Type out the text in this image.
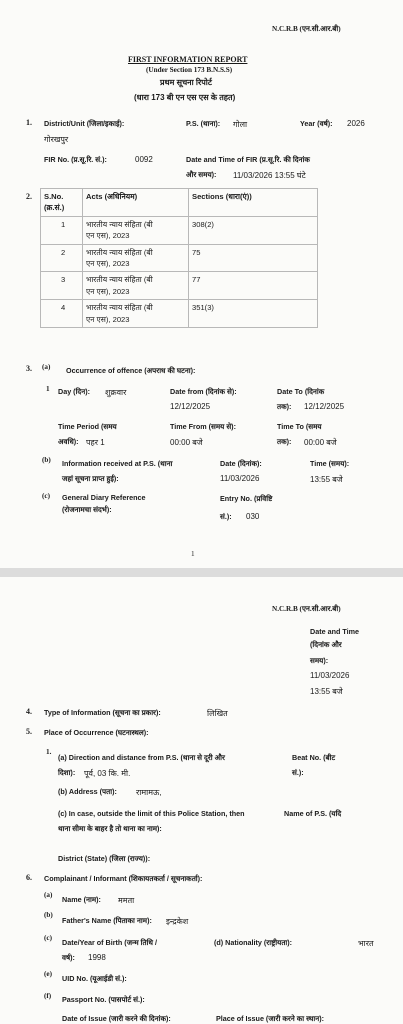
N.C.R.B (एन.सी.आर.बी)
FIRST INFORMATION REPORT
(Under Section 173 B.N.S.S)
प्रथम सूचना रिपोर्ट
(धारा 173 बी एन एस एस के तहत)
1. District/Unit (जिला/इकाई):
गोरखपुर
P.S. (थाना): गोला	Year (वर्ष): 2026
FIR No. (प्र.सू.रि. सं.):	0092	Date and Time of FIR (प्र.सू.रि. की दिनांक
और समय): 11/03/2026 13:55 घंटे
2. S.No.
(क्र.सं.)	Acts (अधिनियम)	Sections (धारा(एं))
1	भारतीय न्याय संहिता (बी
एन एस), 2023	308(2)
2	भारतीय न्याय संहिता (बी
एन एस), 2023	75
3	भारतीय न्याय संहिता (बी
एन एस), 2023	77
4	भारतीय न्याय संहिता (बी
एन एस), 2023	351(3)
3. (a) Occurrence of offence (अपराध की घटना):
1 Day (दिन): शुक्रवार	Date from (दिनांक से):
12/12/2025
Date To (दिनांक
तक): 12/12/2025
Time Period (समय
अवधि): पहर 1
Time From (समय से):
00:00 बजे
Time To (समय
तक): 00:00 बजे
(b) Information received at P.S. (थाना
जहां सूचना प्राप्त हुई):
Date (दिनांक):
11/03/2026
Time (समय):
13:55 बजे
(c) General Diary Reference
(रोजनामचा संदर्भ):
Entry No. (प्रविष्टि
सं.): 030
1
N.C.R.B (एन.सी.आर.बी)
Date and Time
(दिनांक और
समय):
11/03/2026
13:55 बजे
4. Type of Information (सूचना का प्रकार):	लिखित
5. Place of Occurrence (घटनास्थल):
1.
(a) Direction and distance from P.S. (थाना से दूरी और
दिशा): पूर्व, 03 कि. मी.
Beat No. (बीट
सं.):
(b) Address (पता): रामामऊ,
(c) In case, outside the limit of this Police Station, then	Name of P.S. (यदि
थाना सीमा के बाहर है तो थाना का नाम):
District (State) (जिला (राज्य)):
6. Complainant / Informant (शिकायतकर्ता / सूचनाकर्ता):
(a) Name (नाम): ममता
(b)
Father's Name (पिताका नाम): इन्द्रकेश
(c) Date/Year of Birth (जन्म तिथि /
वर्ष): 1998
(d) Nationality (राष्ट्रीयता):	भारत
(e) UID No. (यूआईडी सं.):
(f) Passport No. (पासपोर्ट सं.):
Date of Issue (जारी करने की दिनांक):	Place of Issue (जारी करने का स्थान):
